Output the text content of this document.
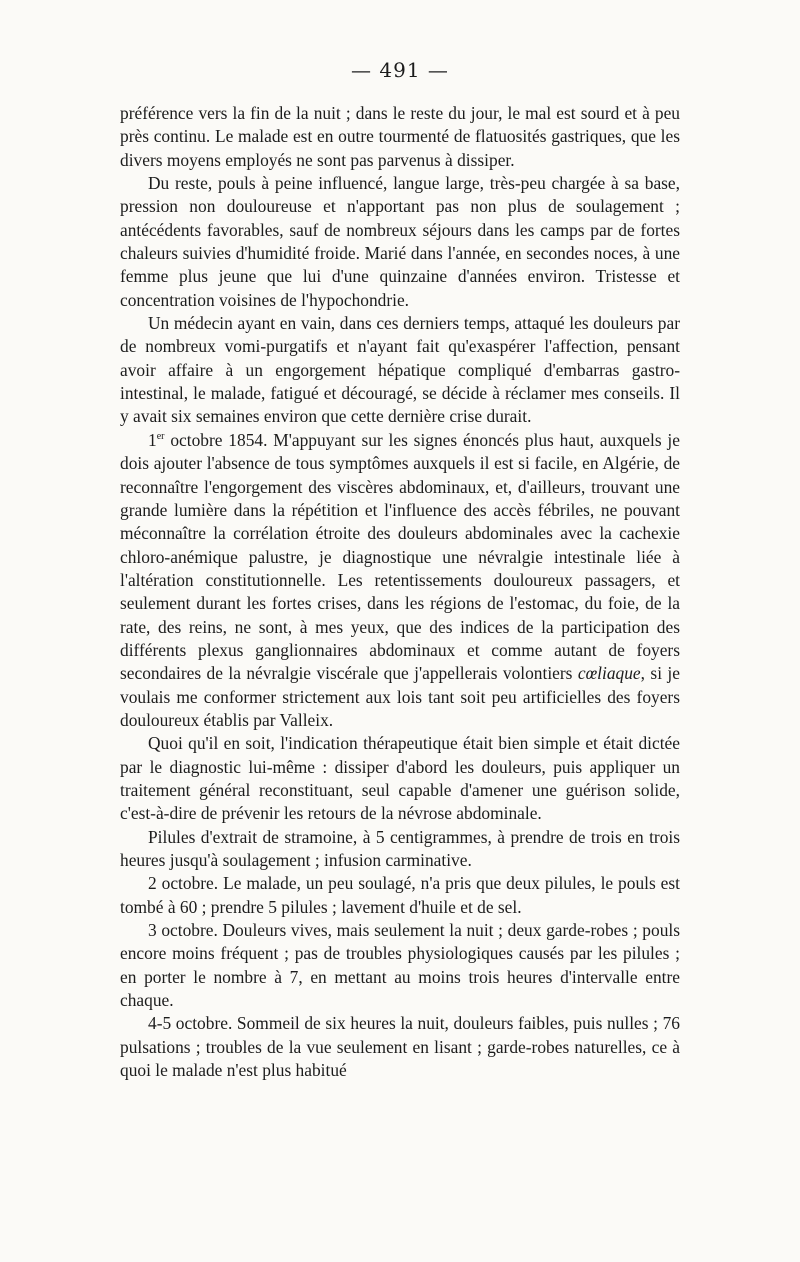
— 491 —

préférence vers la fin de la nuit ; dans le reste du jour, le mal est sourd et à peu près continu. Le malade est en outre tourmenté de flatuosités gastriques, que les divers moyens employés ne sont pas parvenus à dissiper.

Du reste, pouls à peine influencé, langue large, très-peu chargée à sa base, pression non douloureuse et n'apportant pas non plus de soulagement ; antécédents favorables, sauf de nombreux séjours dans les camps par de fortes chaleurs suivies d'humidité froide. Marié dans l'année, en secondes noces, à une femme plus jeune que lui d'une quinzaine d'années environ. Tristesse et concentration voisines de l'hypochondrie.

Un médecin ayant en vain, dans ces derniers temps, attaqué les douleurs par de nombreux vomi-purgatifs et n'ayant fait qu'exaspérer l'affection, pensant avoir affaire à un engorgement hépatique compliqué d'embarras gastro-intestinal, le malade, fatigué et découragé, se décide à réclamer mes conseils. Il y avait six semaines environ que cette dernière crise durait.

1er octobre 1854. M'appuyant sur les signes énoncés plus haut, auxquels je dois ajouter l'absence de tous symptômes auxquels il est si facile, en Algérie, de reconnaître l'engorgement des viscères abdominaux, et, d'ailleurs, trouvant une grande lumière dans la répétition et l'influence des accès fébriles, ne pouvant méconnaître la corrélation étroite des douleurs abdominales avec la cachexie chloro-anémique palustre, je diagnostique une névralgie intestinale liée à l'altération constitutionnelle. Les retentissements douloureux passagers, et seulement durant les fortes crises, dans les régions de l'estomac, du foie, de la rate, des reins, ne sont, à mes yeux, que des indices de la participation des différents plexus ganglionnaires abdominaux et comme autant de foyers secondaires de la névralgie viscérale que j'appellerais volontiers cœliaque, si je voulais me conformer strictement aux lois tant soit peu artificielles des foyers douloureux établis par Valleix.

Quoi qu'il en soit, l'indication thérapeutique était bien simple et était dictée par le diagnostic lui-même : dissiper d'abord les douleurs, puis appliquer un traitement général reconstituant, seul capable d'amener une guérison solide, c'est-à-dire de prévenir les retours de la névrose abdominale.

Pilules d'extrait de stramoine, à 5 centigrammes, à prendre de trois en trois heures jusqu'à soulagement ; infusion carminative.

2 octobre. Le malade, un peu soulagé, n'a pris que deux pilules, le pouls est tombé à 60 ; prendre 5 pilules ; lavement d'huile et de sel.

3 octobre. Douleurs vives, mais seulement la nuit ; deux garde-robes ; pouls encore moins fréquent ; pas de troubles physiologiques causés par les pilules ; en porter le nombre à 7, en mettant au moins trois heures d'intervalle entre chaque.

4-5 octobre. Sommeil de six heures la nuit, douleurs faibles, puis nulles ; 76 pulsations ; troubles de la vue seulement en lisant ; garde-robes naturelles, ce à quoi le malade n'est plus habitué
